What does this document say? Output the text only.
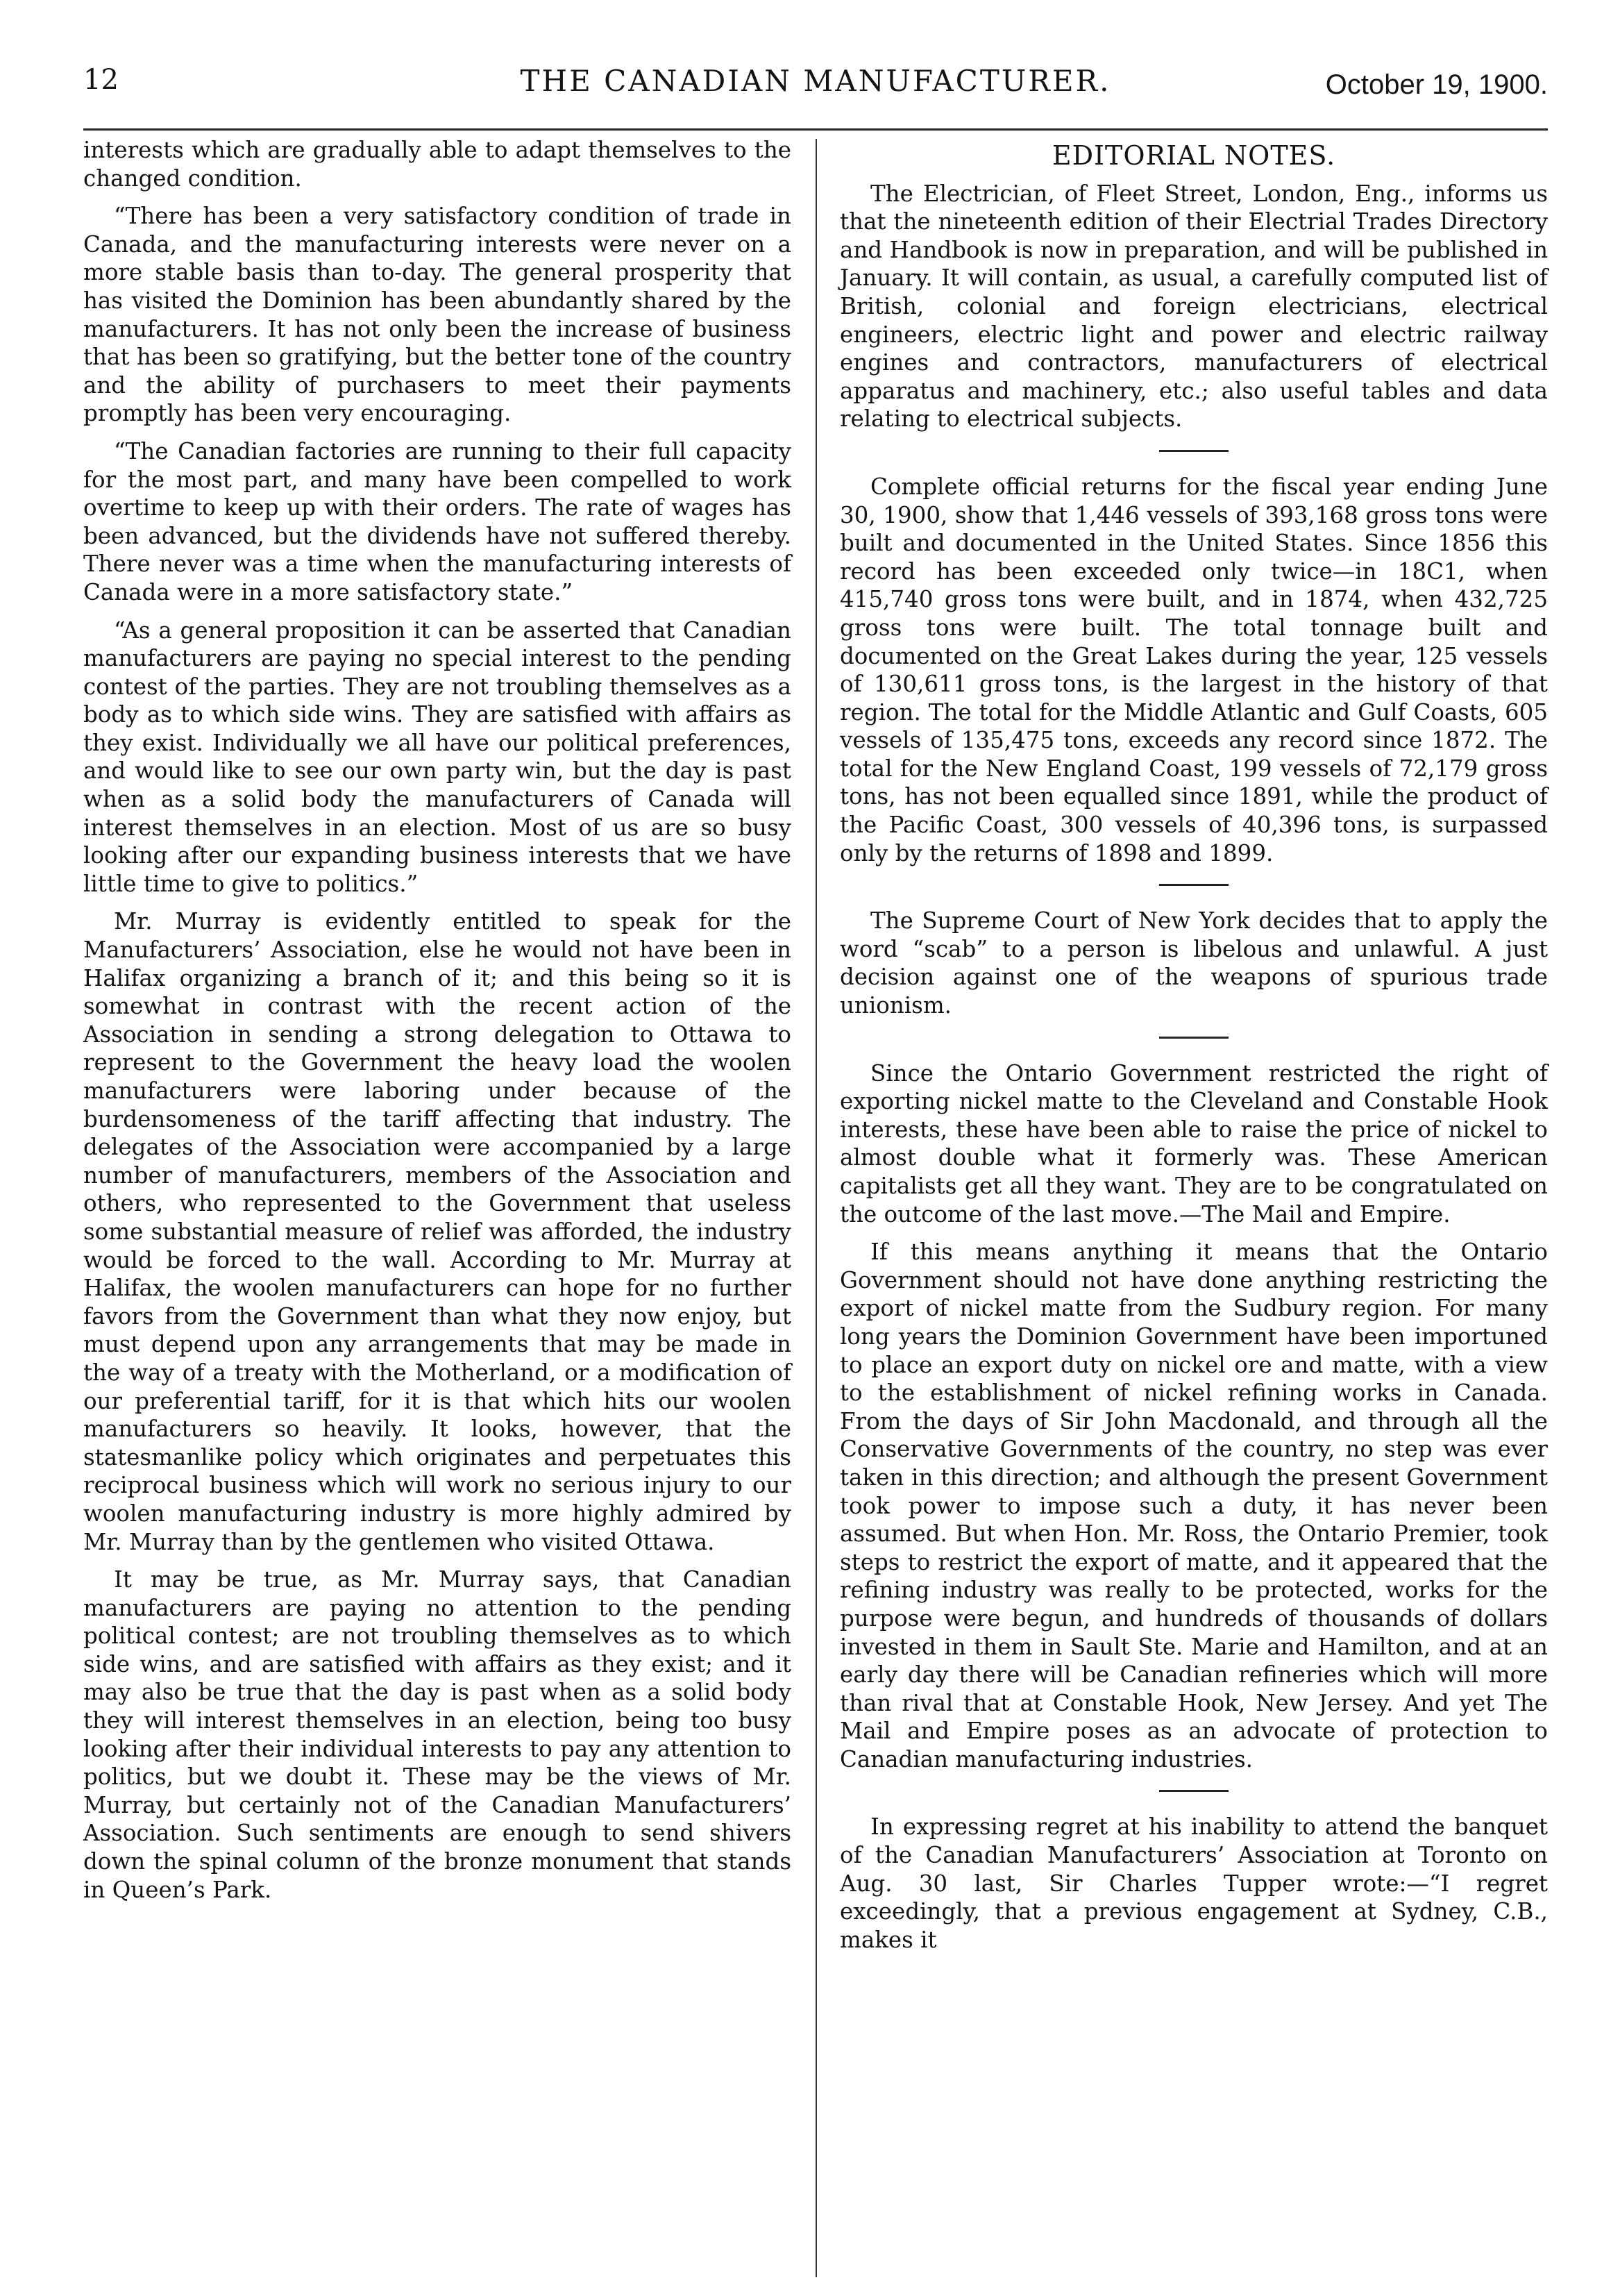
12	THE CANADIAN MANUFACTURER.	October 19, 1900.

interests which are gradually able to adapt themselves to the changed condition.

“There has been a very satisfactory condition of trade in Canada, and the manufacturing interests were never on a more stable basis than to-day. The general prosperity that has visited the Dominion has been abundantly shared by the manufacturers. It has not only been the increase of business that has been so gratifying, but the better tone of the country and the ability of purchasers to meet their payments promptly has been very encouraging.

“The Canadian factories are running to their full capacity for the most part, and many have been compelled to work overtime to keep up with their orders. The rate of wages has been advanced, but the dividends have not suffered thereby. There never was a time when the manufacturing interests of Canada were in a more satisfactory state.”

“As a general proposition it can be asserted that Canadian manufacturers are paying no special interest to the pending contest of the parties. They are not troubling themselves as a body as to which side wins. They are satisfied with affairs as they exist. Individually we all have our political preferences, and would like to see our own party win, but the day is past when as a solid body the manufacturers of Canada will interest themselves in an election. Most of us are so busy looking after our expanding business interests that we have little time to give to politics.”

Mr. Murray is evidently entitled to speak for the Manufacturers’ Association, else he would not have been in Halifax organizing a branch of it; and this being so it is somewhat in contrast with the recent action of the Association in sending a strong delegation to Ottawa to represent to the Government the heavy load the woolen manufacturers were laboring under because of the burdensomeness of the tariff affecting that industry. The delegates of the Association were accompanied by a large number of manufacturers, members of the Association and others, who represented to the Government that useless some substantial measure of relief was afforded, the industry would be forced to the wall. According to Mr. Murray at Halifax, the woolen manufacturers can hope for no further favors from the Government than what they now enjoy, but must depend upon any arrangements that may be made in the way of a treaty with the Motherland, or a modification of our preferential tariff, for it is that which hits our woolen manufacturers so heavily. It looks, however, that the statesmanlike policy which originates and perpetuates this reciprocal business which will work no serious injury to our woolen manufacturing industry is more highly admired by Mr. Murray than by the gentlemen who visited Ottawa.

It may be true, as Mr. Murray says, that Canadian manufacturers are paying no attention to the pending political contest; are not troubling themselves as to which side wins, and are satisfied with affairs as they exist; and it may also be true that the day is past when as a solid body they will interest themselves in an election, being too busy looking after their individual interests to pay any attention to politics, but we doubt it. These may be the views of Mr. Murray, but certainly not of the Canadian Manufacturers’ Association. Such sentiments are enough to send shivers down the spinal column of the bronze monument that stands in Queen’s Park.

EDITORIAL NOTES.

The Electrician, of Fleet Street, London, Eng., informs us that the nineteenth edition of their Electrial Trades Directory and Handbook is now in preparation, and will be published in January. It will contain, as usual, a carefully computed list of British, colonial and foreign electricians, electrical engineers, electric light and power and electric railway engines and contractors, manufacturers of electrical apparatus and machinery, etc.; also useful tables and data relating to electrical subjects.

Complete official returns for the fiscal year ending June 30, 1900, show that 1,446 vessels of 393,168 gross tons were built and documented in the United States. Since 1856 this record has been exceeded only twice—in 18C1, when 415,740 gross tons were built, and in 1874, when 432,725 gross tons were built. The total tonnage built and documented on the Great Lakes during the year, 125 vessels of 130,611 gross tons, is the largest in the history of that region. The total for the Middle Atlantic and Gulf Coasts, 605 vessels of 135,475 tons, exceeds any record since 1872. The total for the New England Coast, 199 vessels of 72,179 gross tons, has not been equalled since 1891, while the product of the Pacific Coast, 300 vessels of 40,396 tons, is surpassed only by the returns of 1898 and 1899.

The Supreme Court of New York decides that to apply the word “scab” to a person is libelous and unlawful. A just decision against one of the weapons of spurious trade unionism.

Since the Ontario Government restricted the right of exporting nickel matte to the Cleveland and Constable Hook interests, these have been able to raise the price of nickel to almost double what it formerly was. These American capitalists get all they want. They are to be congratulated on the outcome of the last move.—The Mail and Empire.

If this means anything it means that the Ontario Government should not have done anything restricting the export of nickel matte from the Sudbury region. For many long years the Dominion Government have been importuned to place an export duty on nickel ore and matte, with a view to the establishment of nickel refining works in Canada. From the days of Sir John Macdonald, and through all the Conservative Governments of the country, no step was ever taken in this direction; and although the present Government took power to impose such a duty, it has never been assumed. But when Hon. Mr. Ross, the Ontario Premier, took steps to restrict the export of matte, and it appeared that the refining industry was really to be protected, works for the purpose were begun, and hundreds of thousands of dollars invested in them in Sault Ste. Marie and Hamilton, and at an early day there will be Canadian refineries which will more than rival that at Constable Hook, New Jersey. And yet The Mail and Empire poses as an advocate of protection to Canadian manufacturing industries.

In expressing regret at his inability to attend the banquet of the Canadian Manufacturers’ Association at Toronto on Aug. 30 last, Sir Charles Tupper wrote:—“I regret exceedingly, that a previous engagement at Sydney, C.B., makes it
